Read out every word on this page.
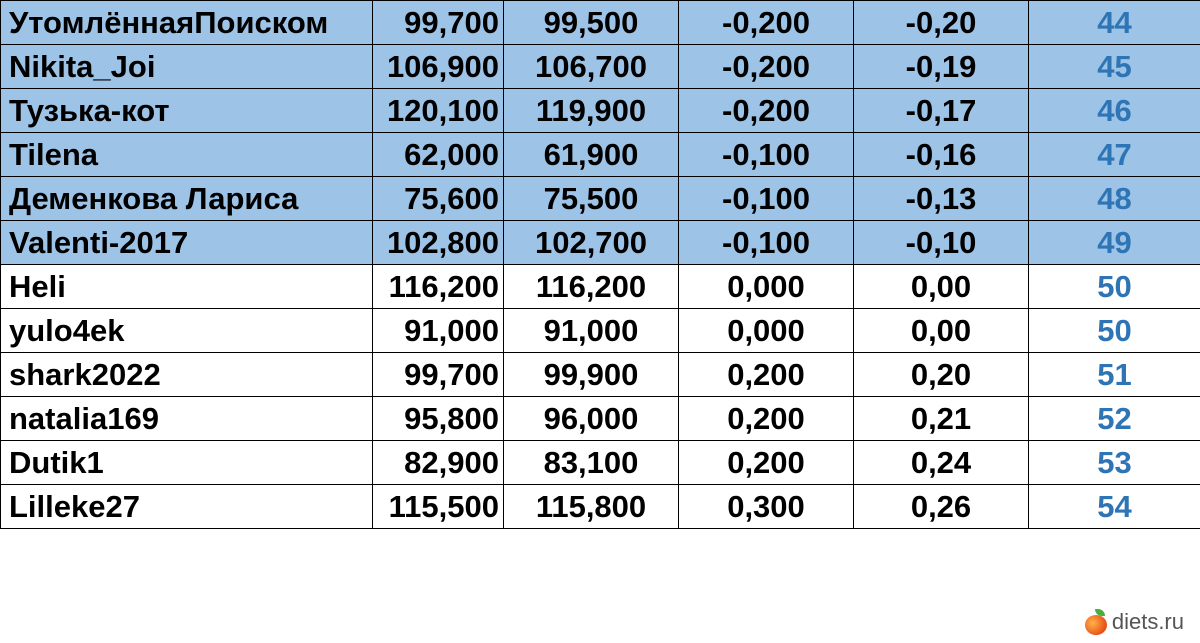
УтомлённаяПоиском	99,700	99,500	-0,200	-0,20	44
Nikita_Joi	106,900	106,700	-0,200	-0,19	45
Тузька-кот	120,100	119,900	-0,200	-0,17	46
Tilena	62,000	61,900	-0,100	-0,16	47
Деменкова Лариса	75,600	75,500	-0,100	-0,13	48
Valenti-2017	102,800	102,700	-0,100	-0,10	49
Heli	116,200	116,200	0,000	0,00	50
yulo4ek	91,000	91,000	0,000	0,00	50
shark2022	99,700	99,900	0,200	0,20	51
natalia169	95,800	96,000	0,200	0,21	52
Dutik1	82,900	83,100	0,200	0,24	53
Lilleke27	115,500	115,800	0,300	0,26	54
diets.ru
